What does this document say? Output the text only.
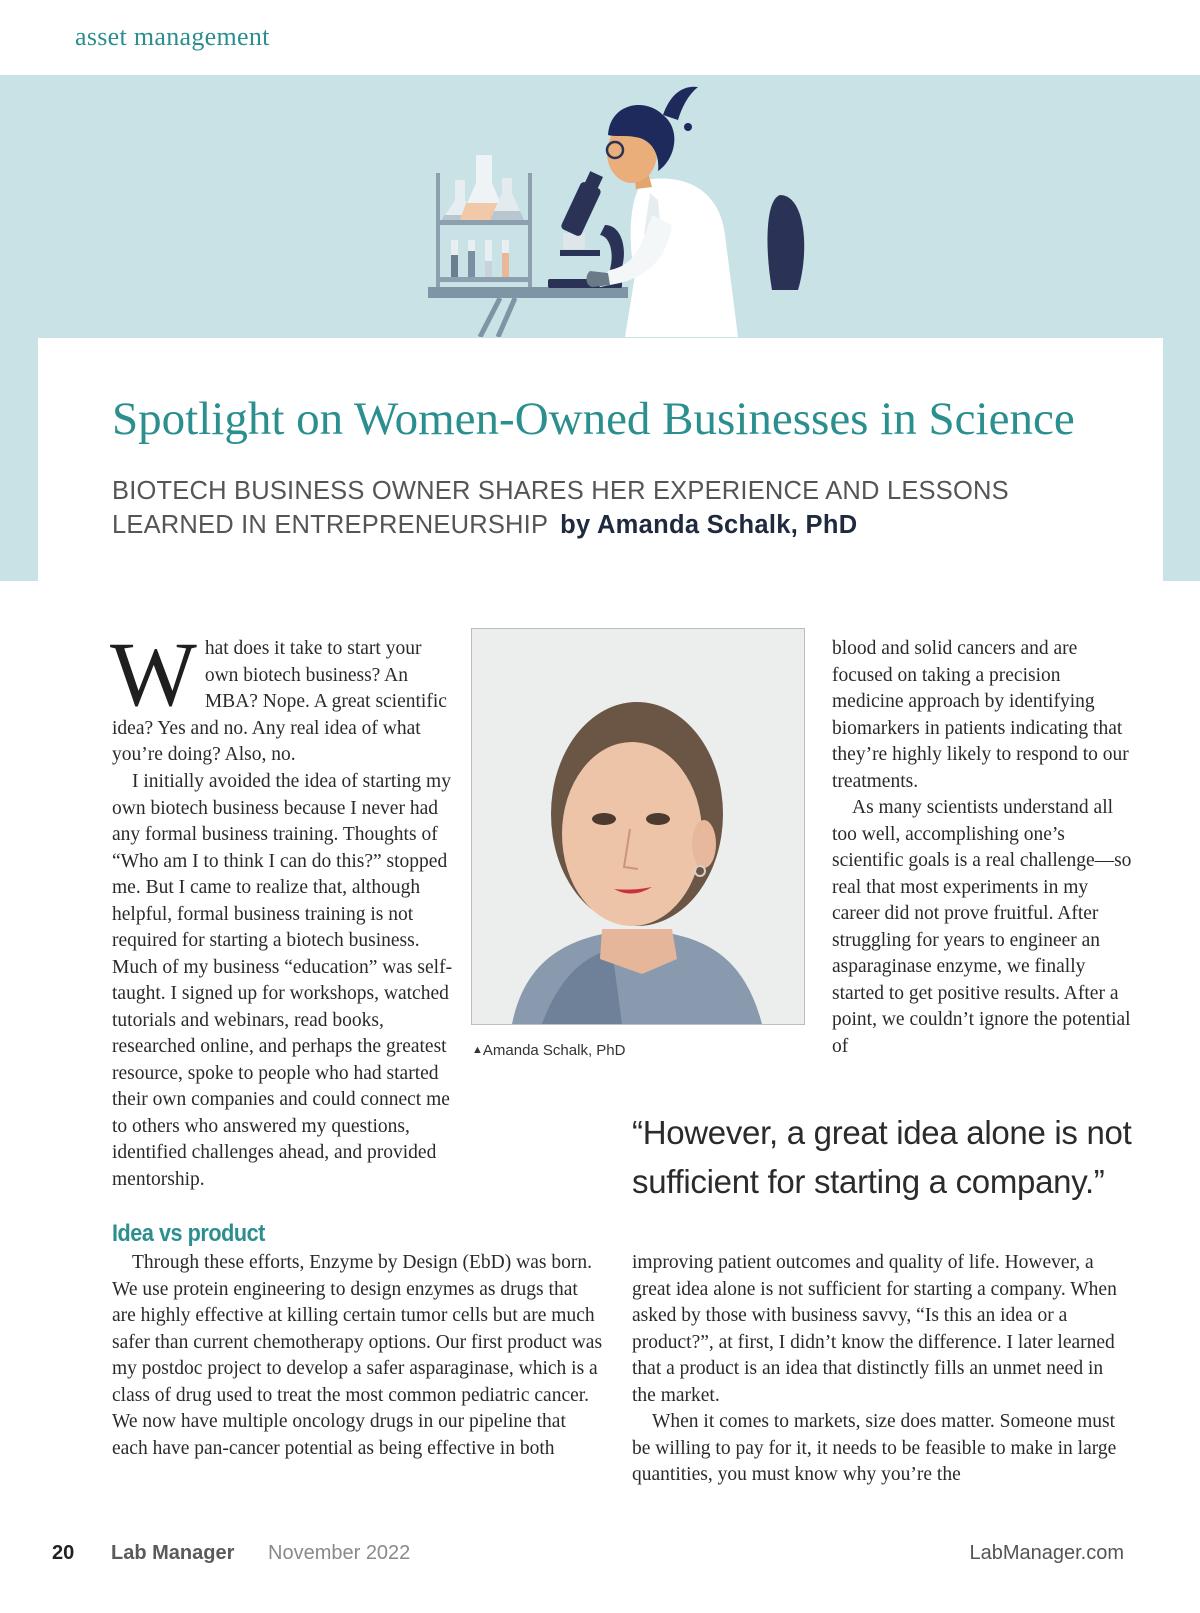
asset management
Spotlight on Women-Owned Businesses in Science

BIOTECH BUSINESS OWNER SHARES HER EXPERIENCE AND LESSONS LEARNED IN ENTREPRENEURSHIP by Amanda Schalk, PhD

What does it take to start your own biotech business? An MBA? Nope. A great scientific idea? Yes and no. Any real idea of what you’re doing? Also, no.

I initially avoided the idea of starting my own biotech business because I never had any formal business training. Thoughts of “Who am I to think I can do this?” stopped me. But I came to realize that, although helpful, formal business training is not required for starting a biotech business. Much of my business “education” was self-taught. I signed up for workshops, watched tutorials and webinars, read books, researched online, and perhaps the greatest resource, spoke to people who had started their own companies and could connect me to others who answered my questions, identified challenges ahead, and provided mentorship.

▲Amanda Schalk, PhD

blood and solid cancers and are focused on taking a precision medicine approach by identifying biomarkers in patients indicating that they’re highly likely to respond to our treatments.

As many scientists understand all too well, accomplishing one’s scientific goals is a real challenge—so real that most experiments in my career did not prove fruitful. After struggling for years to engineer an asparaginase enzyme, we finally started to get positive results. After a point, we couldn’t ignore the potential of

“However, a great idea alone is not sufficient for starting a company.”

Idea vs product

Through these efforts, Enzyme by Design (EbD) was born. We use protein engineering to design enzymes as drugs that are highly effective at killing certain tumor cells but are much safer than current chemotherapy options. Our first product was my postdoc project to develop a safer asparaginase, which is a class of drug used to treat the most common pediatric cancer. We now have multiple oncology drugs in our pipeline that each have pan-cancer potential as being effective in both

improving patient outcomes and quality of life. However, a great idea alone is not sufficient for starting a company. When asked by those with business savvy, “Is this an idea or a product?”, at first, I didn’t know the difference. I later learned that a product is an idea that distinctly fills an unmet need in the market.

When it comes to markets, size does matter. Someone must be willing to pay for it, it needs to be feasible to make in large quantities, you must know why you’re the

20 Lab Manager November 2022	LabManager.com
